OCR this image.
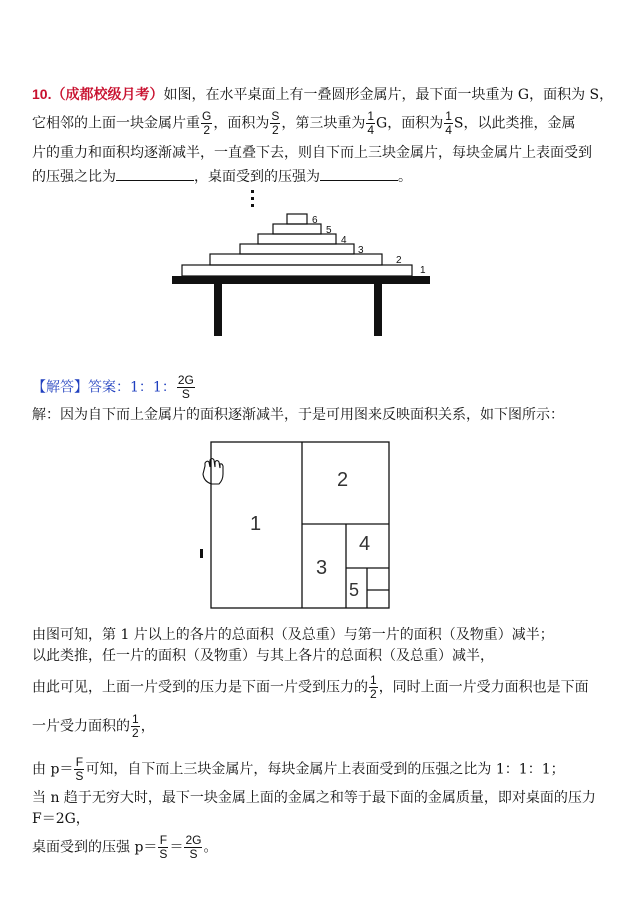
10.（成都校级月考）如图，在水平桌面上有一叠圆形金属片，最下面一块重为 G，面积为 S，
它相邻的上面一块金属片重 $\frac{G}{2}$ ，面积为 $\frac{S}{2}$ ，第三块重为 $\frac{1}{4}$ G，面积为 $\frac{1}{4}$ S，以此类推，金属
片的重力和面积均逐渐减半，一直叠下去，则自下而上三块金属片，每块金属片上表面受到
的压强之比为	，桌面受到的压强为	。
6
5
4
3
2
1
【解答】答案：1：1： $\frac{2G}{S}$
解：因为自下而上金属片的面积逐渐减半，于是可用图来反映面积关系，如下图所示：
1
2
3
4
5
由图可知，第 1 片以上的各片的总面积（及总重）与第一片的面积（及物重）减半；
以此类推，任一片的面积（及物重）与其上各片的总面积（及总重）减半，
由此可见，上面一片受到的压力是下面一片受到压力的 $\frac{1}{2}$ ，同时上面一片受力面积也是下面
一片受力面积的 $\frac{1}{2}$ ，
由 $p= \frac{F}{S}$ 可知，自下而上三块金属片，每块金属片上表面受到的压强之比为 1：1：1；
当 n 趋于无穷大时，最下一块金属上面的金属之和等于最下面的金属质量，即对桌面的压力
F＝2G，
桌面受到的压强 $p= \frac{F}{S} = \frac{2G}{S}$ 。
